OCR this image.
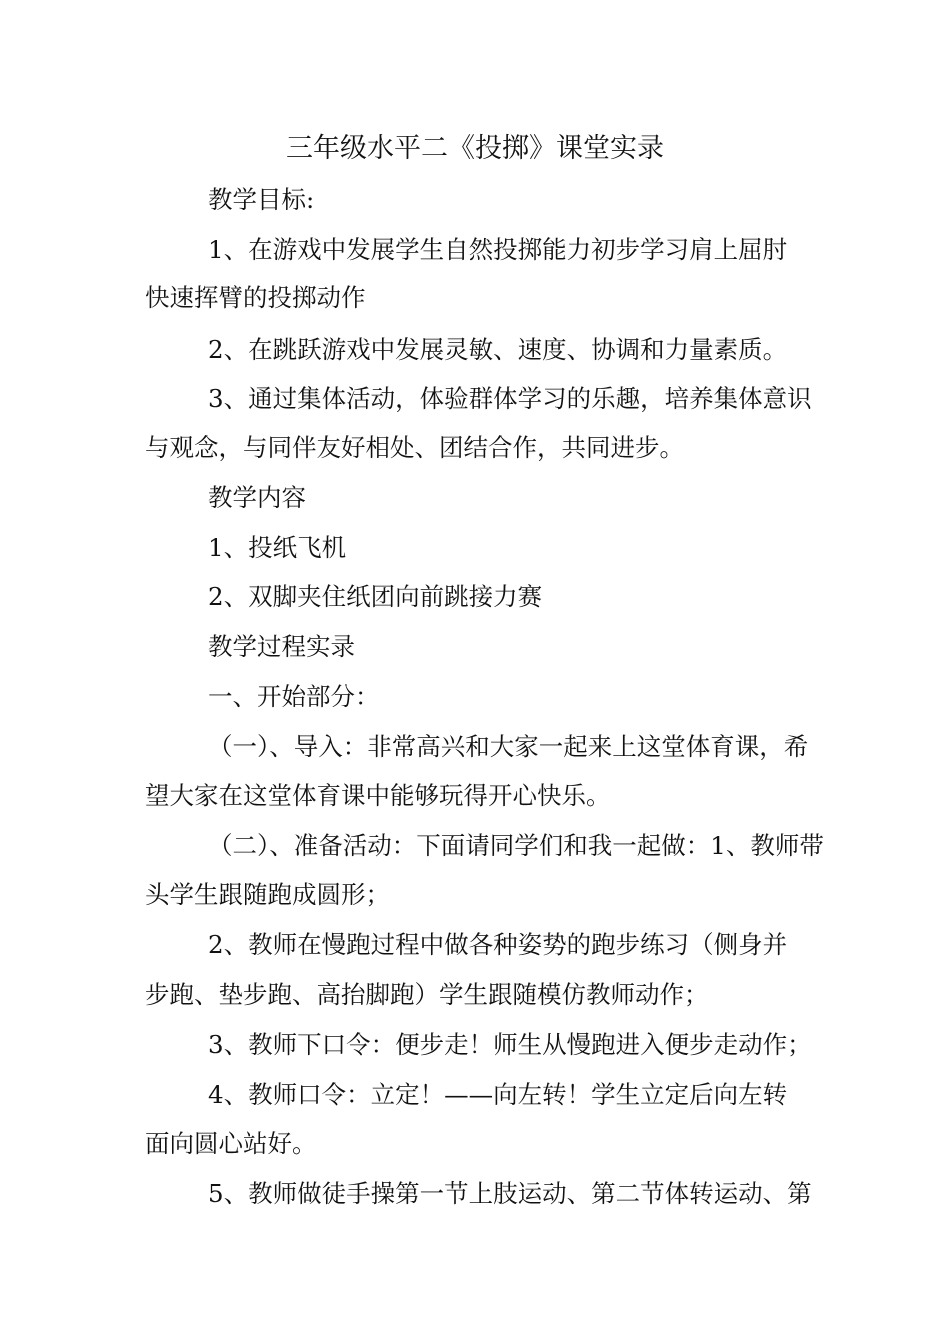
三年级水平二《投掷》课堂实录
教学目标:
1、在游戏中发展学生自然投掷能力初步学习肩上屈肘
快速挥臂的投掷动作
2、在跳跃游戏中发展灵敏、速度、协调和力量素质。
3、通过集体活动，体验群体学习的乐趣，培养集体意识
与观念，与同伴友好相处、团结合作，共同进步。
教学内容
1、投纸飞机
2、双脚夹住纸团向前跳接力赛
教学过程实录
一、开始部分：
（一）、导入：非常高兴和大家一起来上这堂体育课，希
望大家在这堂体育课中能够玩得开心快乐。
（二）、准备活动：下面请同学们和我一起做：1、教师带
头学生跟随跑成圆形；
2、教师在慢跑过程中做各种姿势的跑步练习（侧身并
步跑、垫步跑、高抬脚跑）学生跟随模仿教师动作；
3、教师下口令：便步走！师生从慢跑进入便步走动作；
4、教师口令：立定！——向左转！学生立定后向左转
面向圆心站好。
5、教师做徒手操第一节上肢运动、第二节体转运动、第
